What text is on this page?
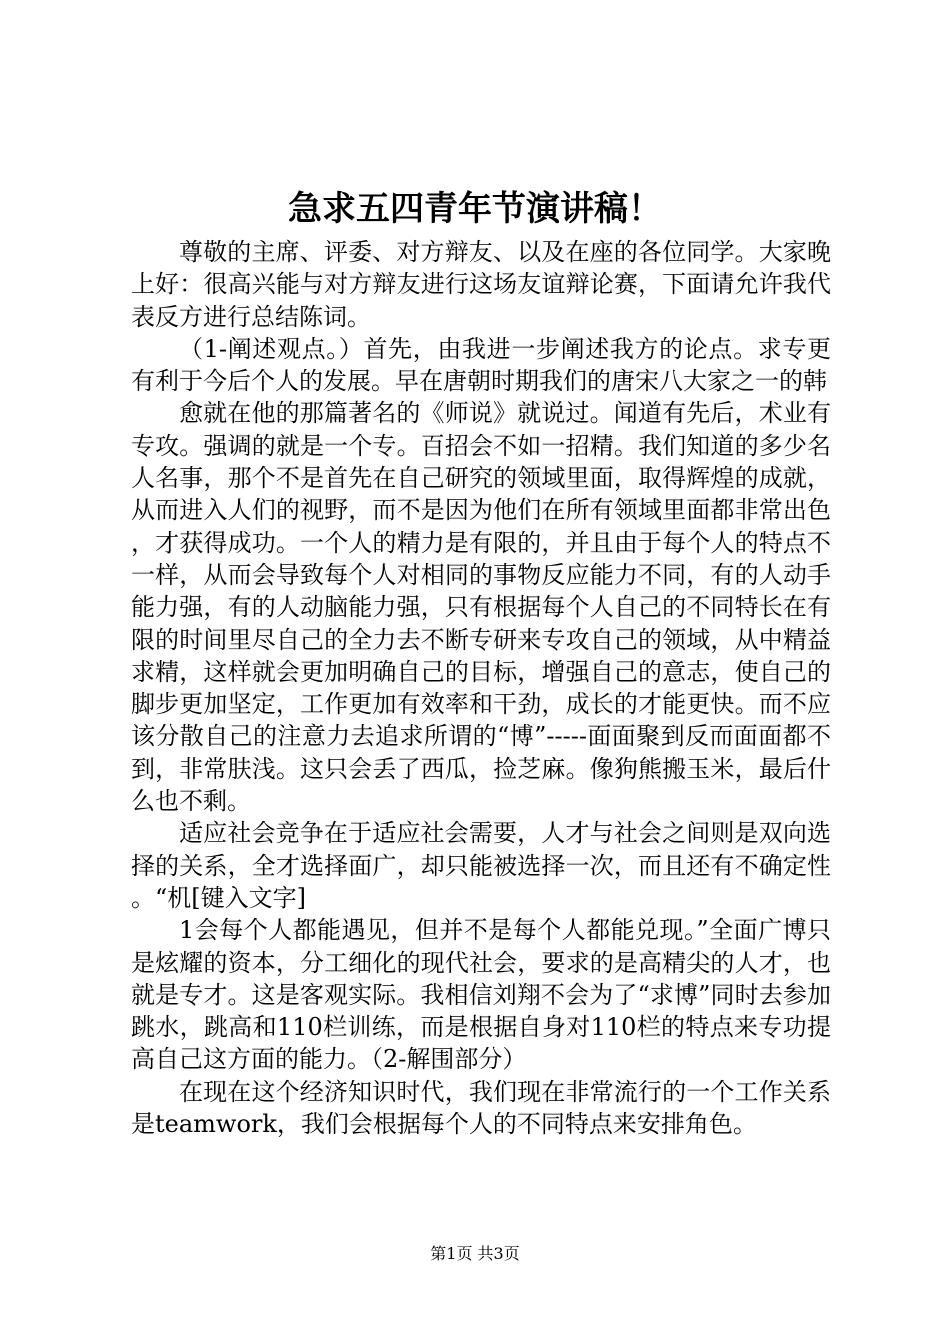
急求五四青年节演讲稿！

尊敬的主席、评委、对方辩友、以及在座的各位同学。大家晚上好：很高兴能与对方辩友进行这场友谊辩论赛，下面请允许我代表反方进行总结陈词。

（1-阐述观点。）首先，由我进一步阐述我方的论点。求专更有利于今后个人的发展。早在唐朝时期我们的唐宋八大家之一的韩

愈就在他的那篇著名的《师说》就说过。闻道有先后，术业有专攻。强调的就是一个专。百招会不如一招精。我们知道的多少名人名事，那个不是首先在自己研究的领域里面，取得辉煌的成就，从而进入人们的视野，而不是因为他们在所有领域里面都非常出色，才获得成功。一个人的精力是有限的，并且由于每个人的特点不一样，从而会导致每个人对相同的事物反应能力不同，有的人动手能力强，有的人动脑能力强，只有根据每个人自己的不同特长在有限的时间里尽自己的全力去不断专研来专攻自己的领域，从中精益求精，这样就会更加明确自己的目标，增强自己的意志，使自己的脚步更加坚定，工作更加有效率和干劲，成长的才能更快。而不应该分散自己的注意力去追求所谓的“博”-----面面聚到反而面面都不到，非常肤浅。这只会丢了西瓜，捡芝麻。像狗熊搬玉米，最后什么也不剩。

适应社会竞争在于适应社会需要，人才与社会之间则是双向选择的关系，全才选择面广，却只能被选择一次，而且还有不确定性。“机[键入文字]

1会每个人都能遇见，但并不是每个人都能兑现。”全面广博只是炫耀的资本，分工细化的现代社会，要求的是高精尖的人才，也就是专才。这是客观实际。我相信刘翔不会为了“求博”同时去参加跳水，跳高和110栏训练，而是根据自身对110栏的特点来专功提高自己这方面的能力。（2-解围部分）

在现在这个经济知识时代，我们现在非常流行的一个工作关系是teamwork，我们会根据每个人的不同特点来安排角色。

第1页 共3页
